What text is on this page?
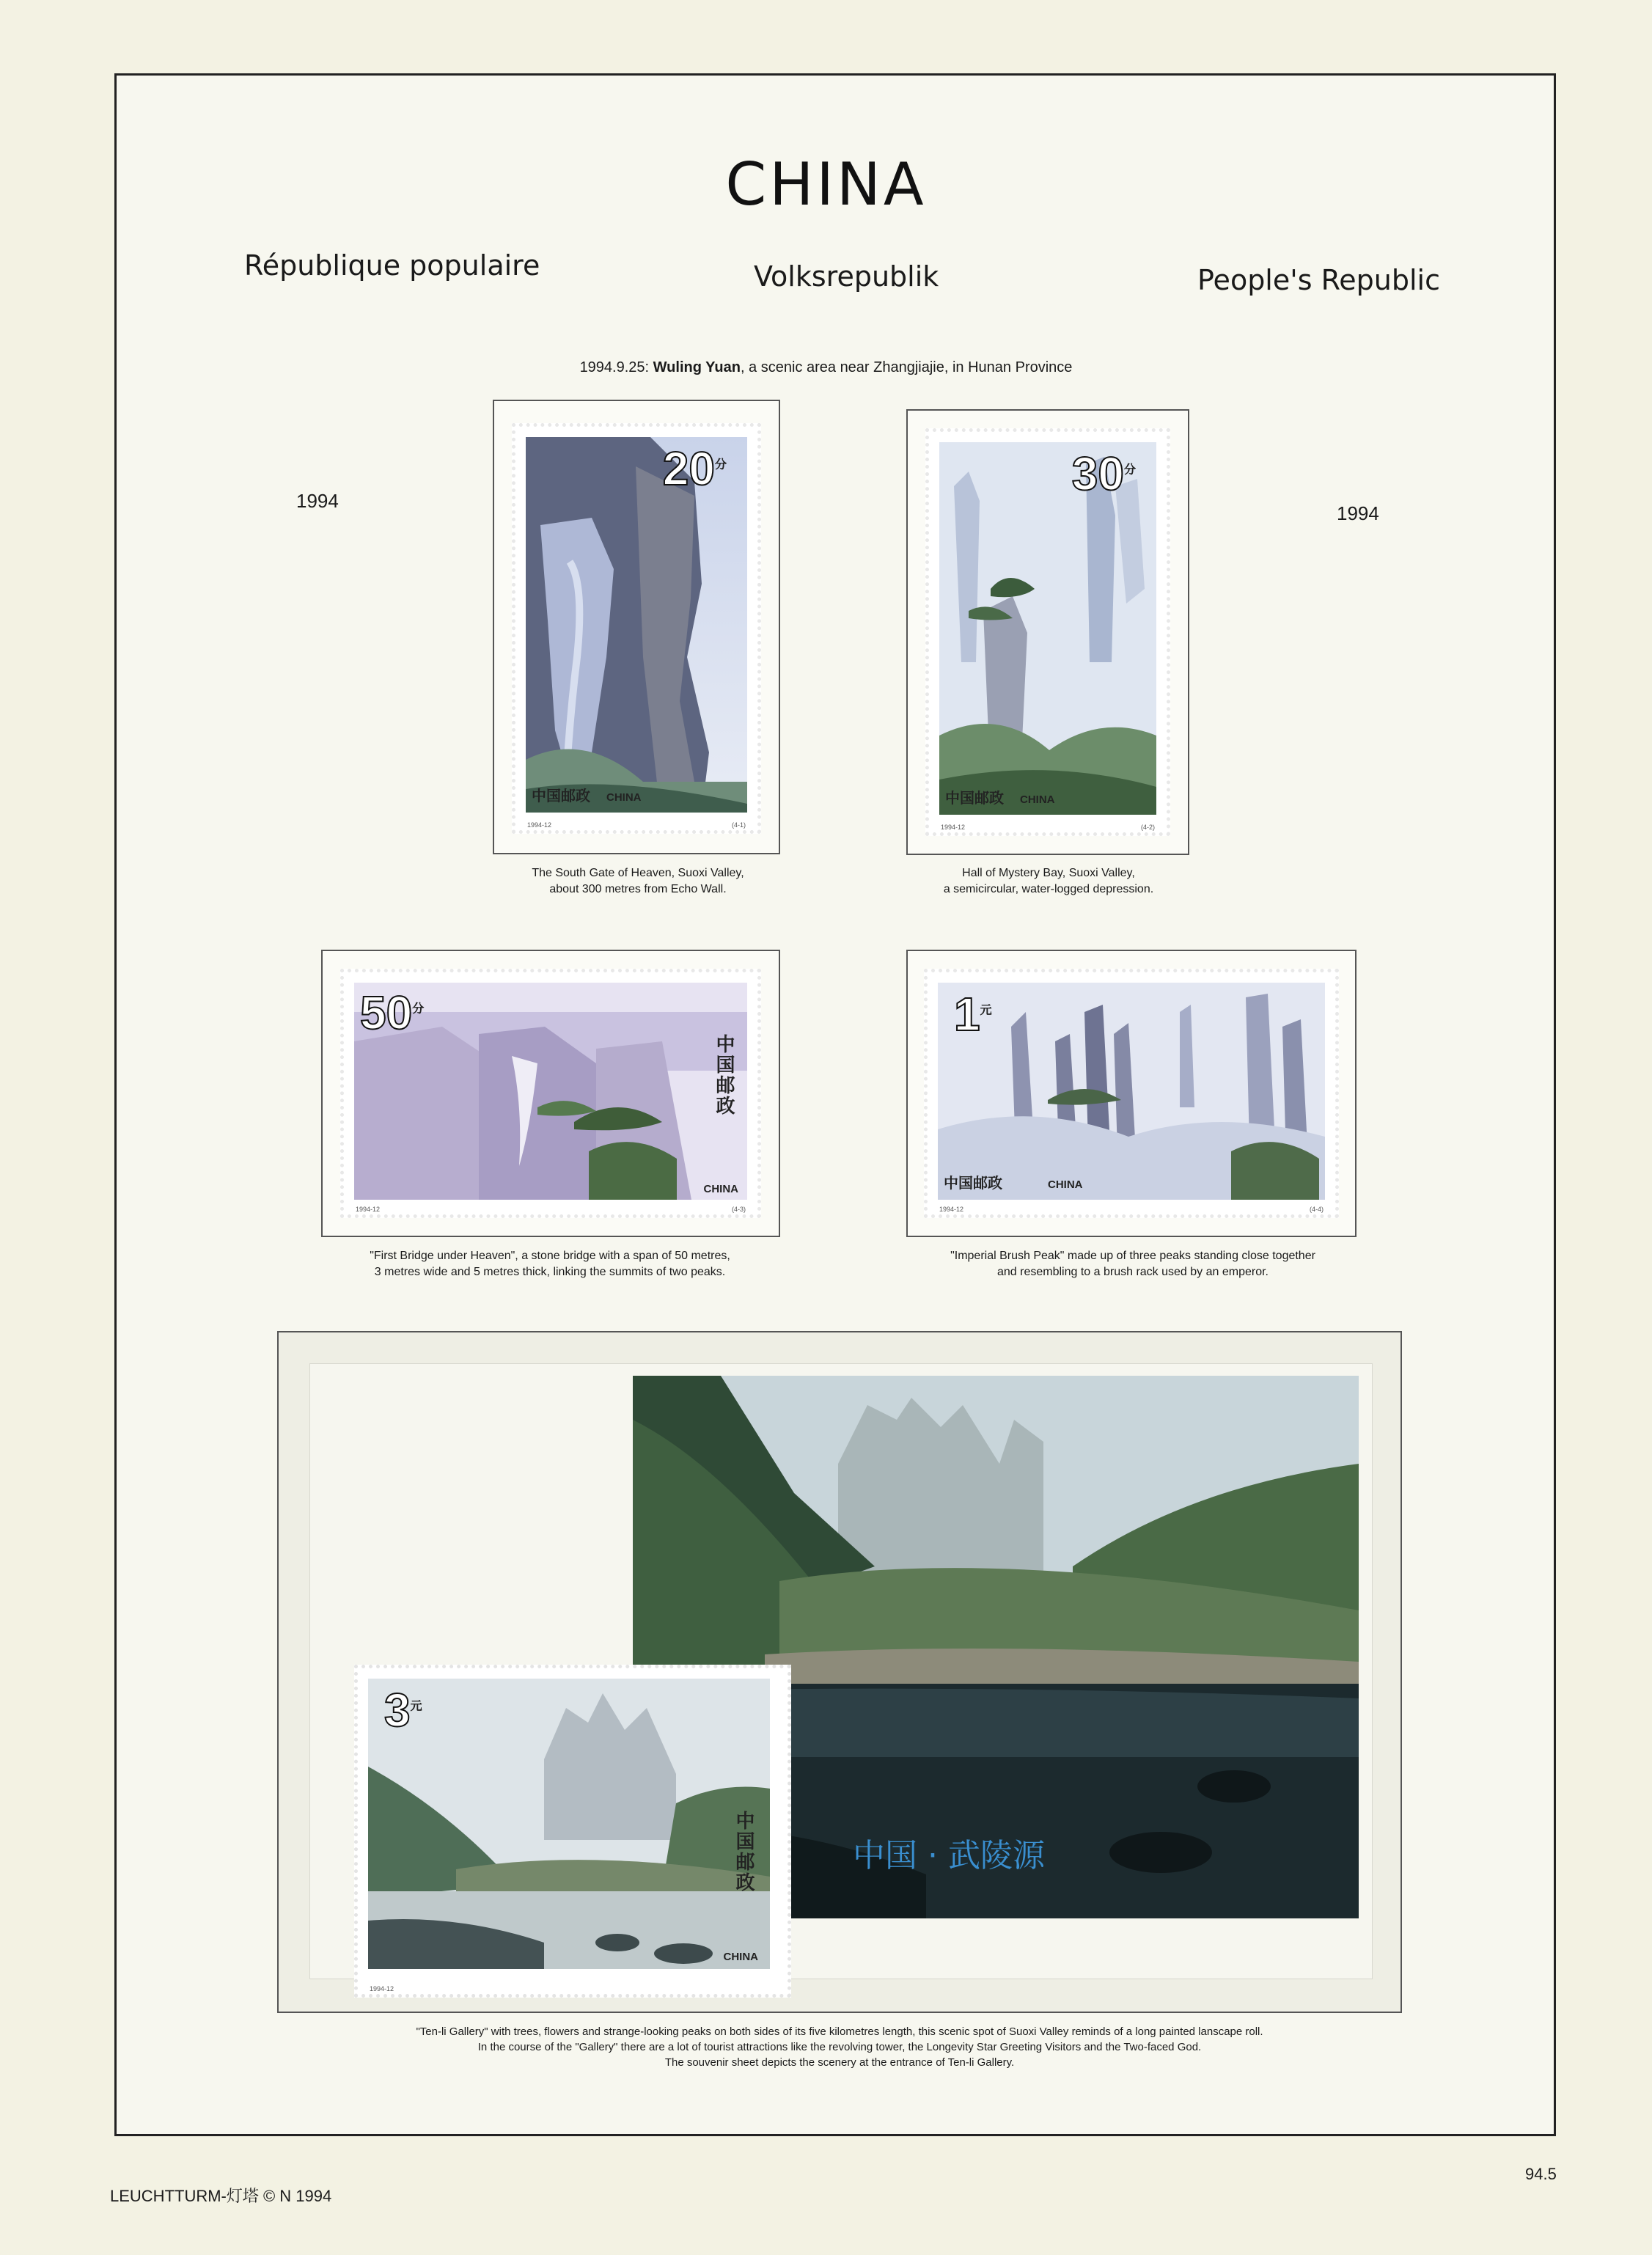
CHINA
République populaire	Volksrepublik	People's Republic
1994
1994
1994.9.25: Wuling Yuan, a scenic area near Zhangjiajie, in Hunan Province
$20^分$
中国邮政 CHINA
1994-12	(4-1)
The South Gate of Heaven, Suoxi Valley,
about 300 metres from Echo Wall.
$30^分$
中国邮政 CHINA
1994-12	(4-2)
Hall of Mystery Bay, Suoxi Valley,
a semicircular, water-logged depression.
$50^分$
中国邮政
CHINA
1994-12	(4-3)
"First Bridge under Heaven", a stone bridge with a span of 50 metres,
3 metres wide and 5 metres thick, linking the summits of two peaks.
$1^元$
中国邮政	CHINA
1994-12	(4-4)
"Imperial Brush Peak" made up of three peaks standing close together
and resembling to a brush rack used by an emperor.
中国 · 武陵源
$3^元$
中国邮政
CHINA
1994-12
"Ten-li Gallery" with trees, flowers and strange-looking peaks on both sides of its five kilometres length, this scenic spot of Suoxi Valley reminds of a long painted lanscape roll.
In the course of the "Gallery" there are a lot of tourist attractions like the revolving tower, the Longevity Star Greeting Visitors and the Two-faced God.
The souvenir sheet depicts the scenery at the entrance of Ten-li Gallery.
LEUCHTTURM-灯塔 © N 1994
94.5
